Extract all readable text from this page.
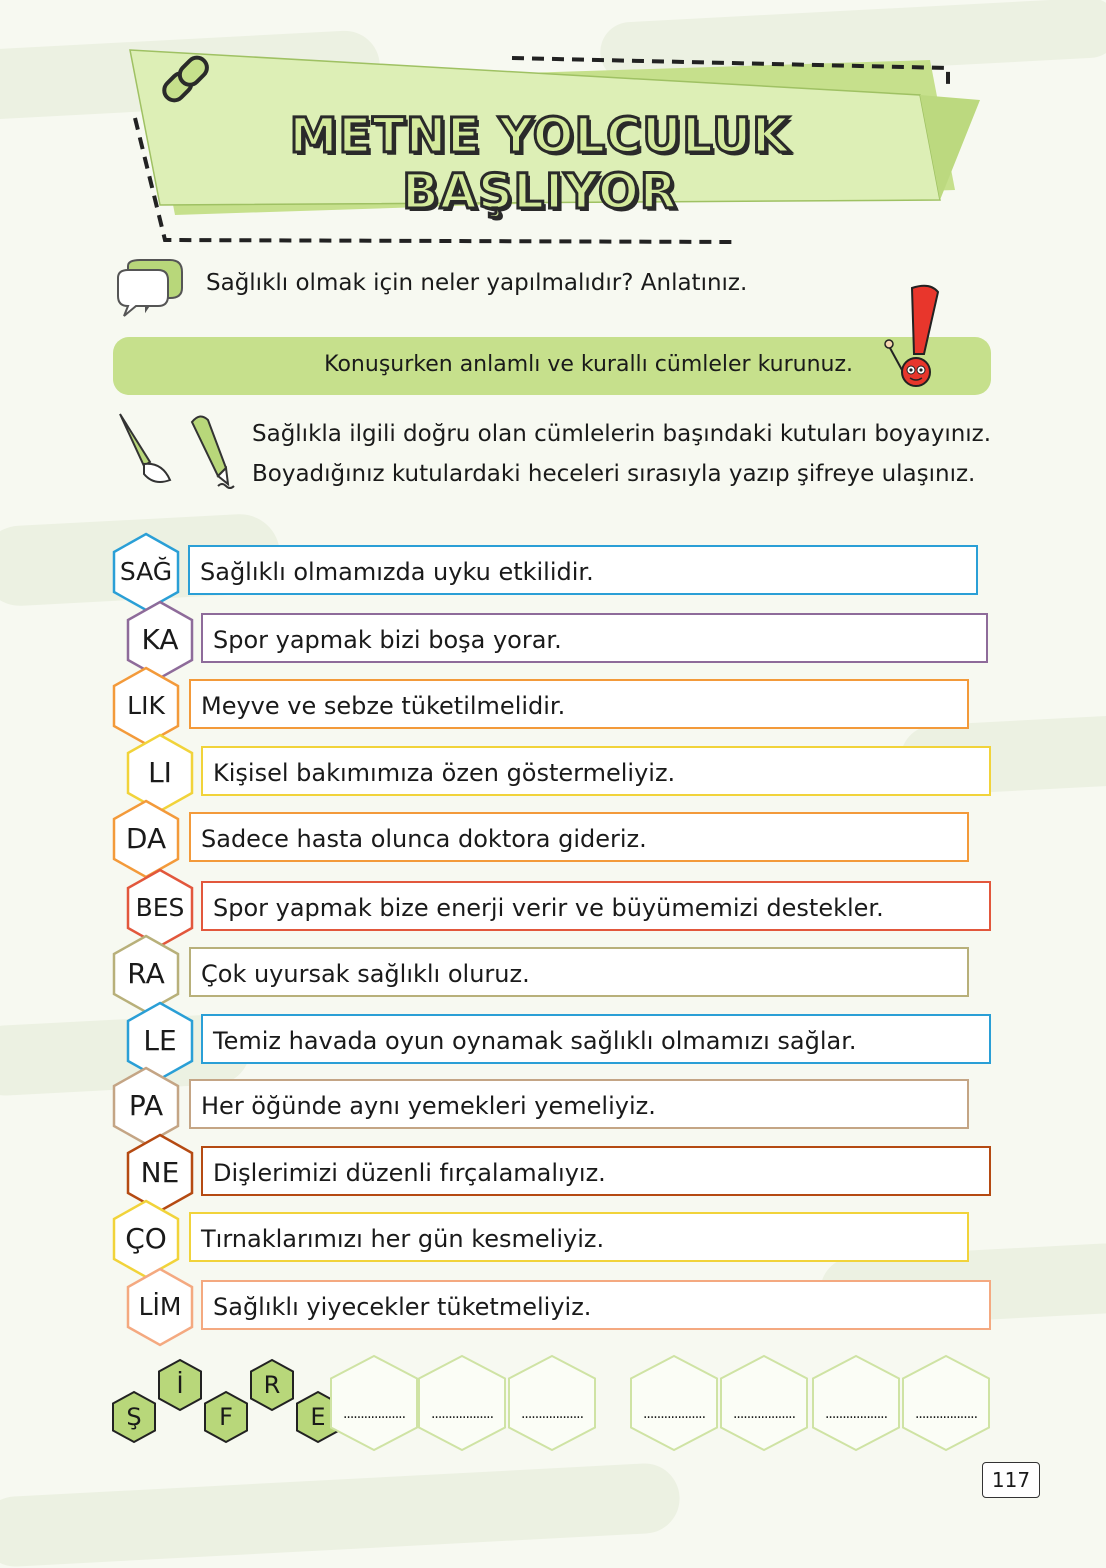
METNE YOLCULUK BAŞLIYOR
Sağlıklı olmak için neler yapılmalıdır? Anlatınız.
Konuşurken anlamlı ve kurallı cümleler kurunuz.
Sağlıkla ilgili doğru olan cümlelerin başındaki kutuları boyayınız. Boyadığınız kutulardaki heceleri sırasıyla yazıp şifreye ulaşınız.
Sağlıklı olmamızda uyku etkilidir.
SAĞ
Spor yapmak bizi boşa yorar.
KA
Meyve ve sebze tüketilmelidir.
LIK
Kişisel bakımımıza özen göstermeliyiz.
LI
Sadece hasta olunca doktora gideriz.
DA
Spor yapmak bize enerji verir ve büyümemizi destekler.
BES
Çok uyursak sağlıklı oluruz.
RA
Temiz havada oyun oynamak sağlıklı olmamızı sağlar.
LE
Her öğünde aynı yemekleri yemeliyiz.
PA
Dişlerimizi düzenli fırçalamalıyız.
NE
Tırnaklarımızı her gün kesmeliyiz.
ÇO
Sağlıklı yiyecekler tüketmeliyiz.
LİM
Ş
İ
F
R
E	..................	..................	..................	..................	..................	..................	..................
117
